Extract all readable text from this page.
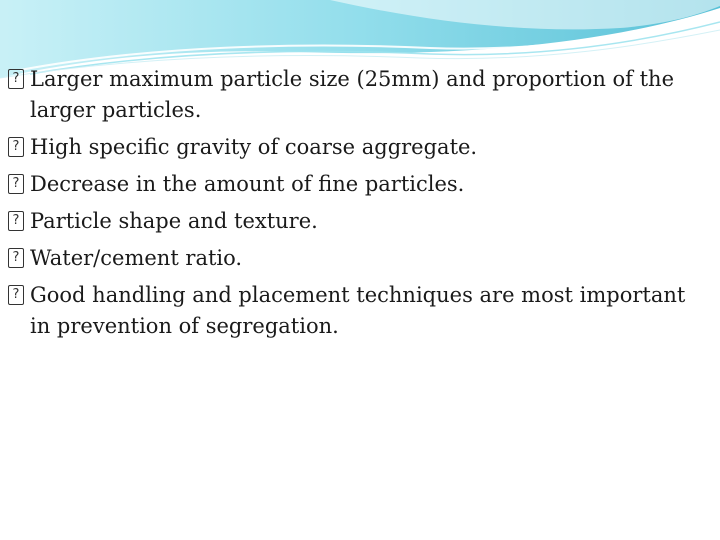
? Larger maximum particle size (25mm) and proportion of the larger particles.
? High specific gravity of coarse aggregate.
? Decrease in the amount of fine particles.
? Particle shape and texture.
? Water/cement ratio.
? Good handling and placement techniques are most important in prevention of segregation.
